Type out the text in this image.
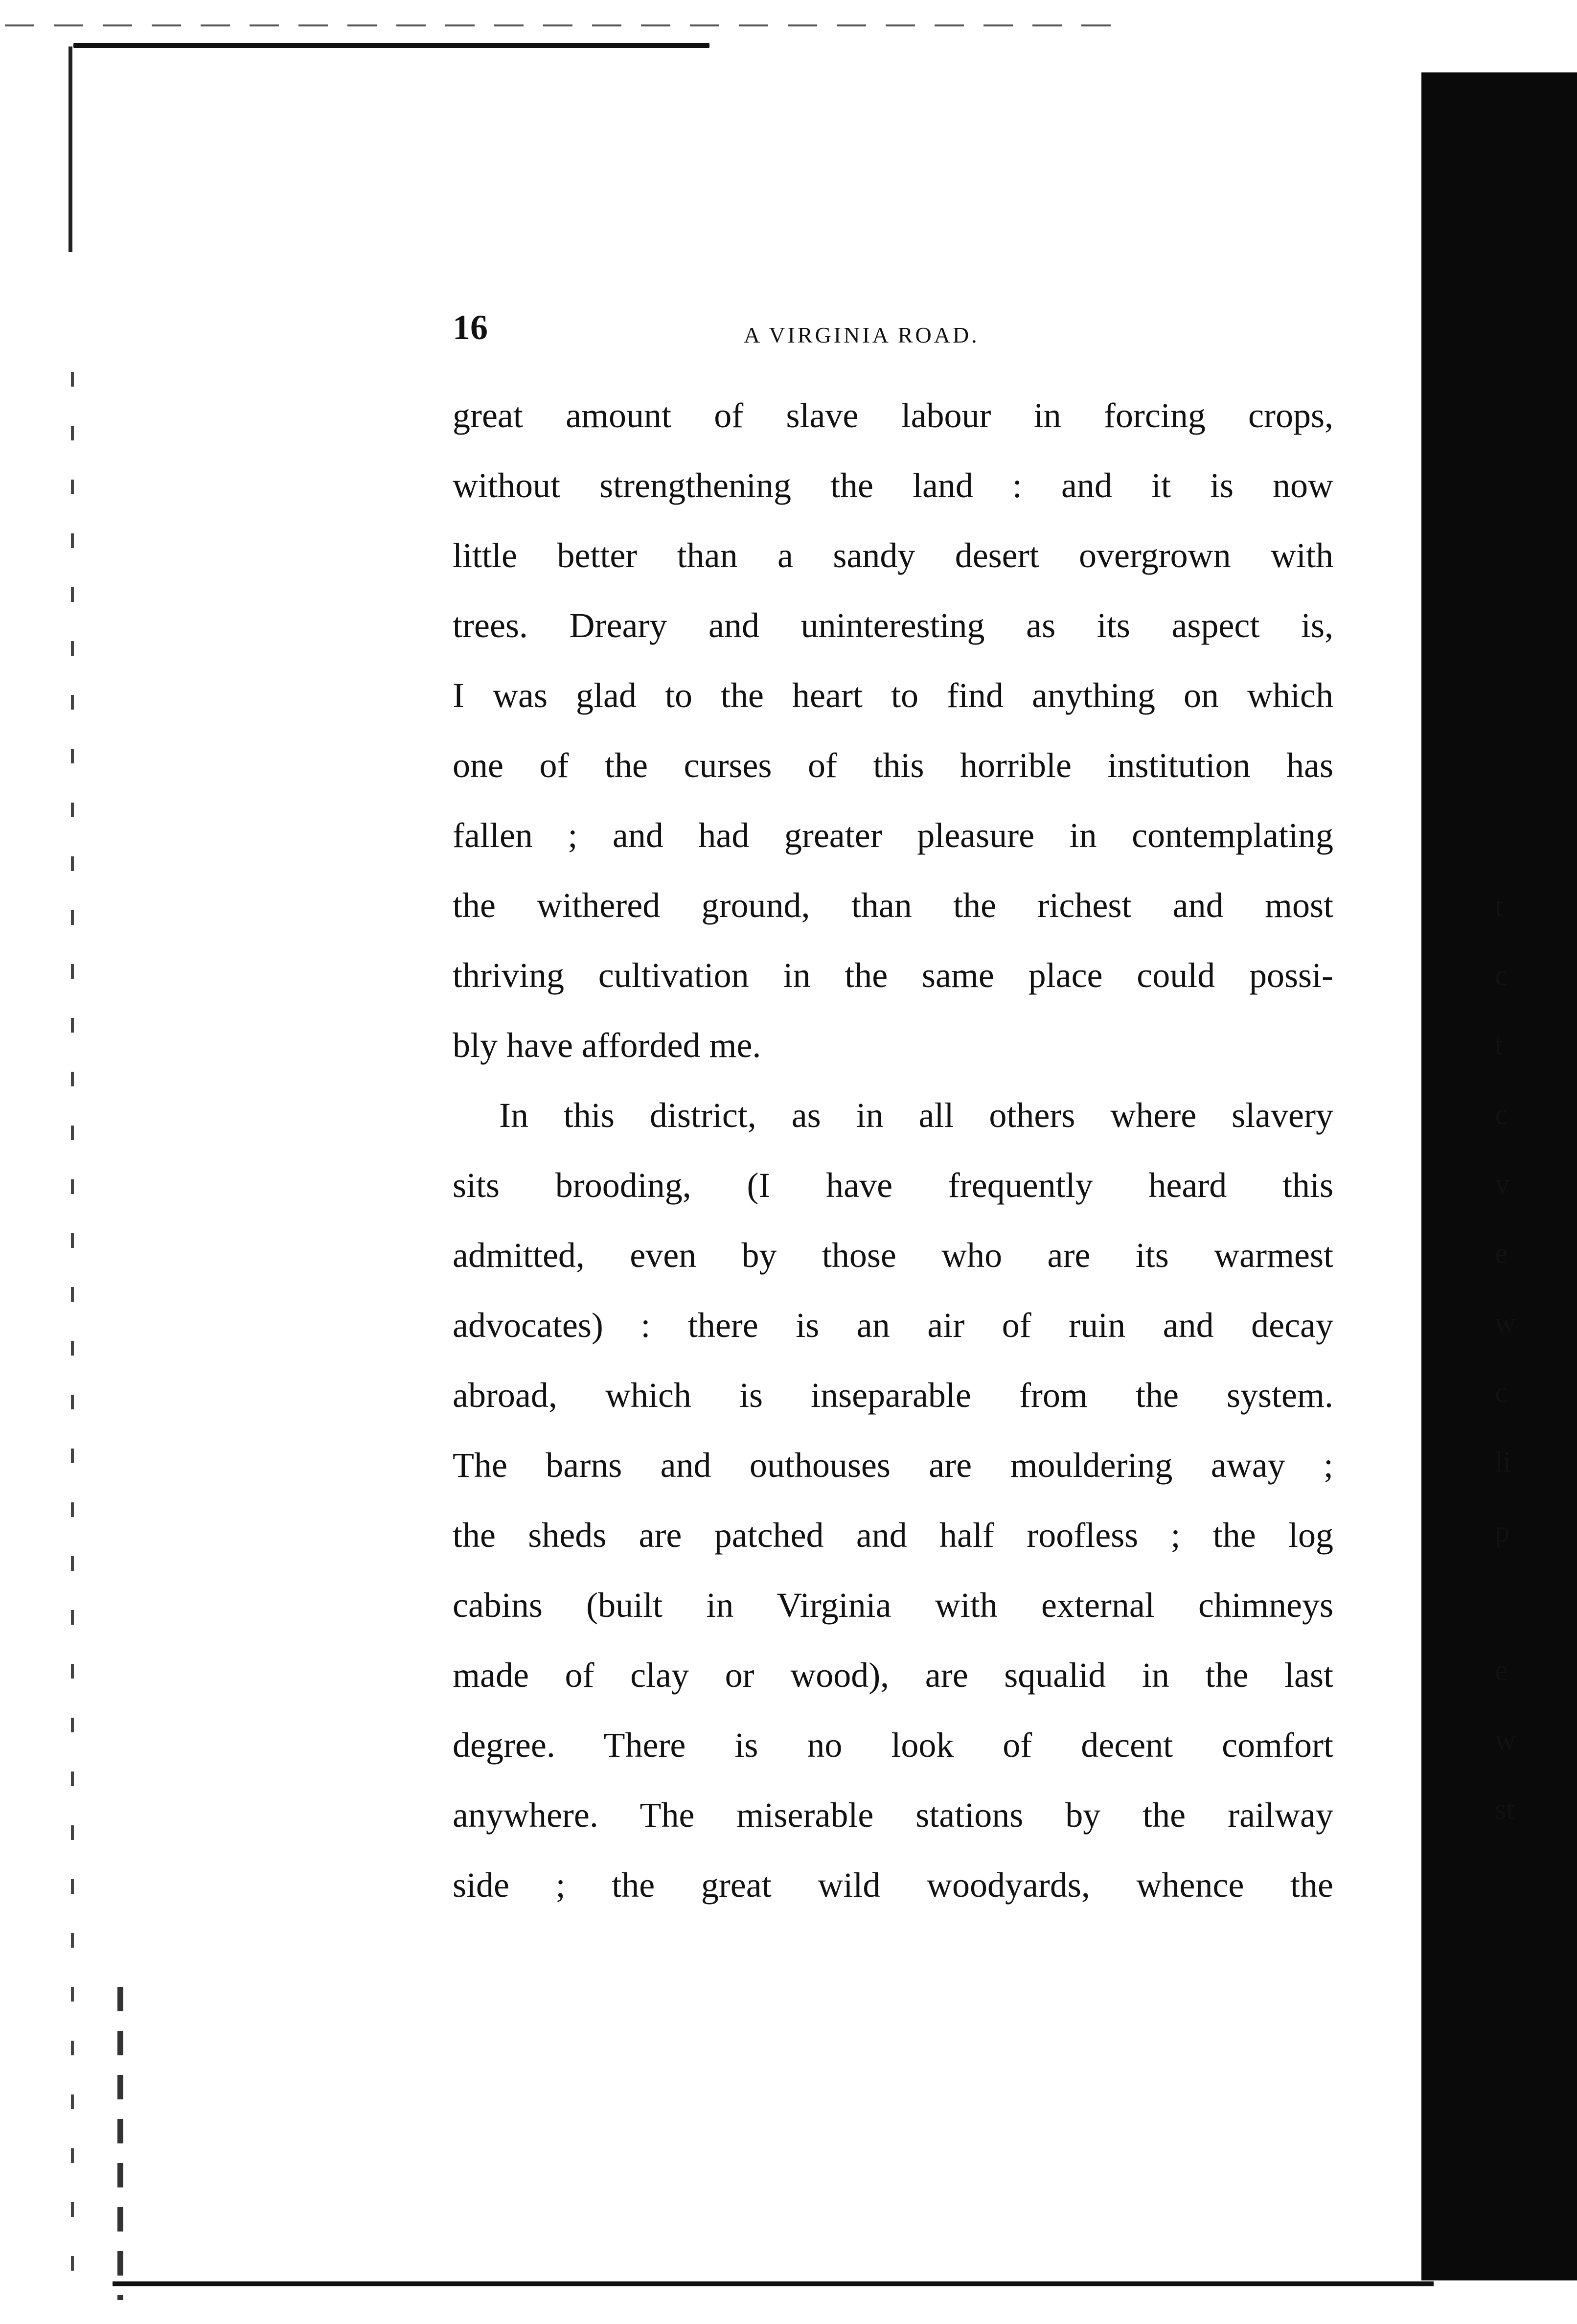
t
c
t
c
v
e
w
c
li
p
e
w
st
16	A VIRGINIA ROAD.
great amount of slave labour in forcing crops,
without strengthening the land : and it is now
little better than a sandy desert overgrown with
trees. Dreary and uninteresting as its aspect is,
I was glad to the heart to find anything on which
one of the curses of this horrible institution has
fallen ; and had greater pleasure in contemplating
the withered ground, than the richest and most
thriving cultivation in the same place could possi-
bly have afforded me.
In this district, as in all others where slavery
sits brooding, (I have frequently heard this
admitted, even by those who are its warmest
advocates) : there is an air of ruin and decay
abroad, which is inseparable from the system.
The barns and outhouses are mouldering away ;
the sheds are patched and half roofless ; the log
cabins (built in Virginia with external chimneys
made of clay or wood), are squalid in the last
degree. There is no look of decent comfort
anywhere. The miserable stations by the railway
side ; the great wild woodyards, whence the
